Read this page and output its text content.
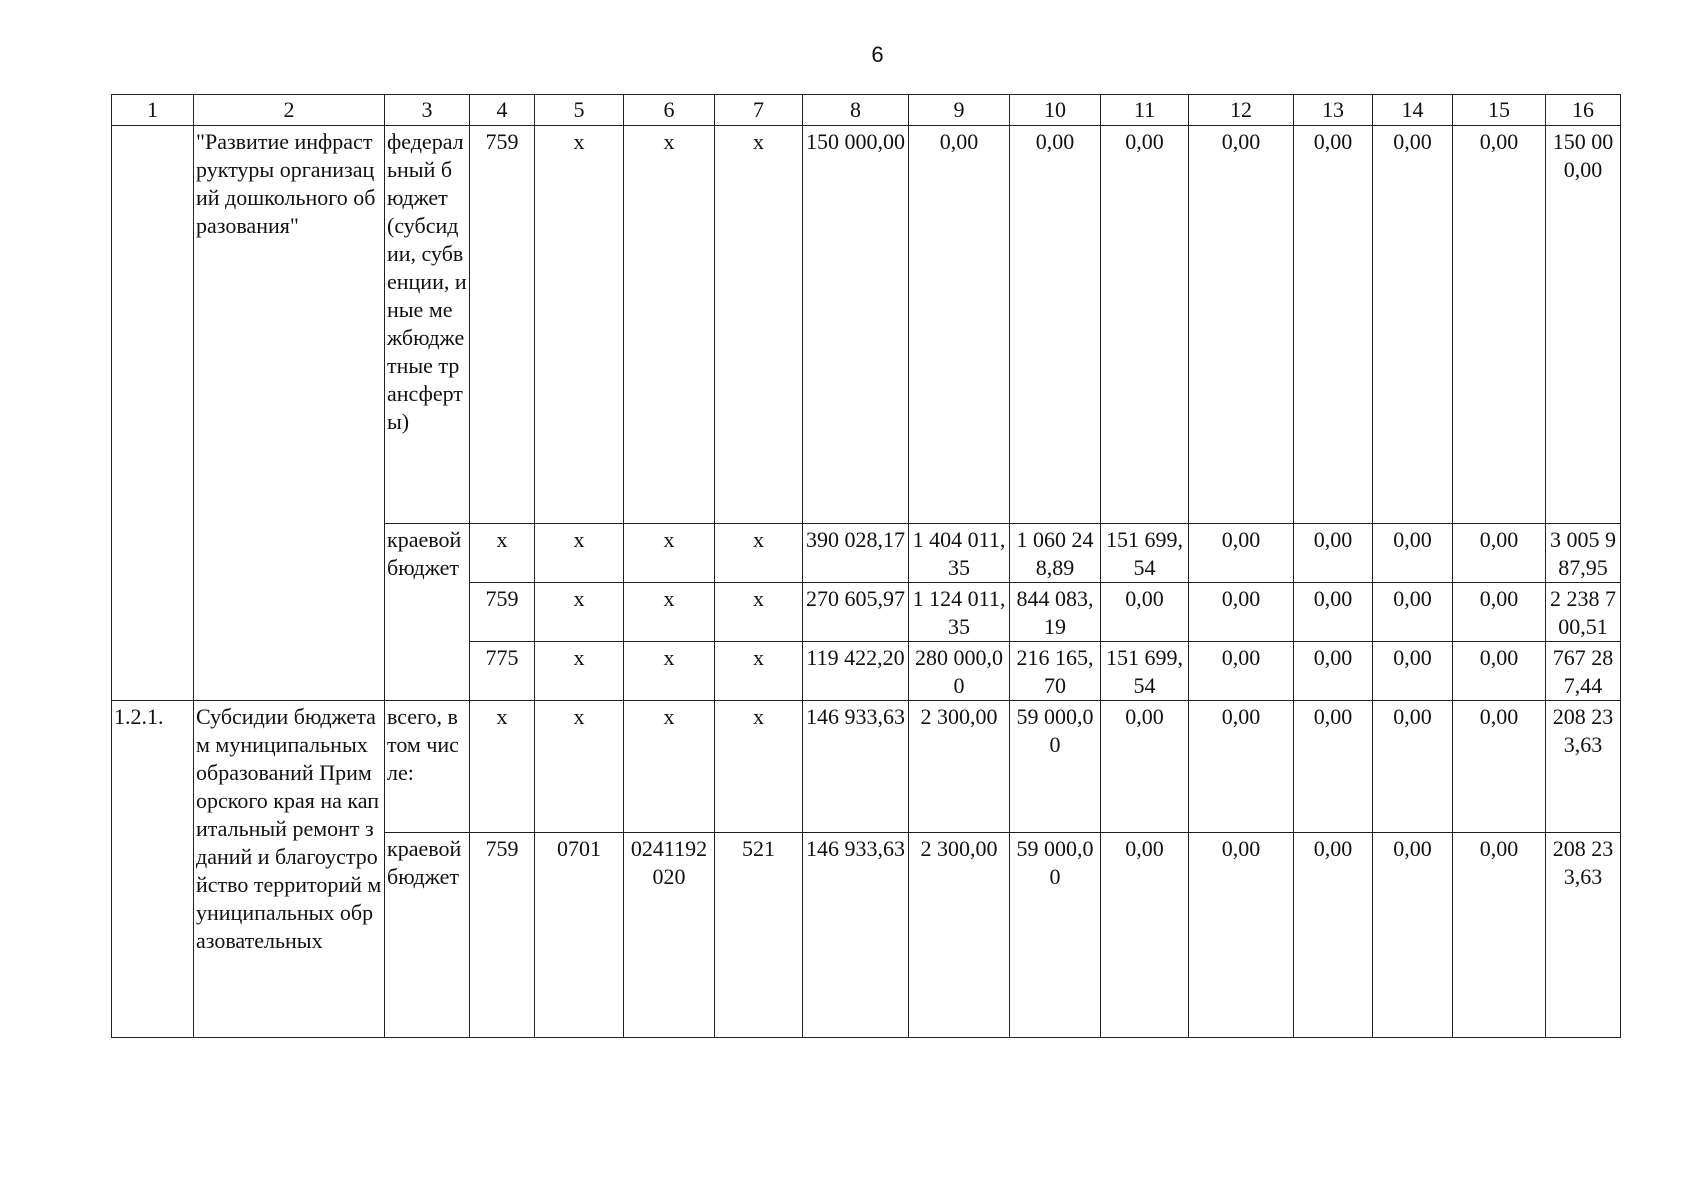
6
1	2	3	4	5	6	7	8	9	10	11	12	13	14	15	16
	"Развитие инфраструктуры организаций дошкольного образования"	федеральный бюджет (субсидии, субвенции, иные межбюджетные трансферты)	759	x	x	x	150 000,00	0,00	0,00	0,00	0,00	0,00	0,00	0,00	150 000,00
		краевой бюджет	x	x	x	x	390 028,17	1 404 011,35	1 060 248,89	151 699,54	0,00	0,00	0,00	0,00	3 005 987,95
			759	x	x	x	270 605,97	1 124 011,35	844 083,19	0,00	0,00	0,00	0,00	0,00	2 238 700,51
			775	x	x	x	119 422,20	280 000,00	216 165,70	151 699,54	0,00	0,00	0,00	0,00	767 287,44
1.2.1.	Субсидии бюджетам муниципальных образований Приморского края на капитальный ремонт зданий и благоустройство территорий муниципальных образовательных	всего, в том числе:	x	x	x	x	146 933,63	2 300,00	59 000,00	0,00	0,00	0,00	0,00	0,00	208 233,63
		краевой бюджет	759	0701	0241192020	521	146 933,63	2 300,00	59 000,00	0,00	0,00	0,00	0,00	0,00	208 233,63
